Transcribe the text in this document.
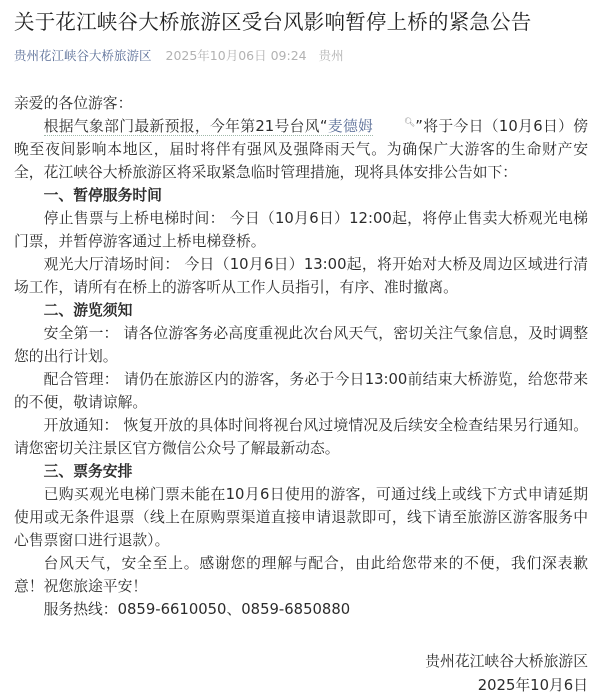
关于花江峡谷大桥旅游区受台风影响暂停上桥的紧急公告
贵州花江峡谷大桥旅游区 2025年10月06日 09:24 贵州

亲爱的各位游客：

根据气象部门最新预报，今年第21号台风“麦德姆	🔍︎”将于今日（10月6日）傍晚至夜间影响本地区，届时将伴有强风及强降雨天气。为确保广大游客的生命财产安全，花江峡谷大桥旅游区将采取紧急临时管理措施，现将具体安排公告如下：

一、暂停服务时间

停止售票与上桥电梯时间： 今日（10月6日）12:00起，将停止售卖大桥观光电梯门票，并暂停游客通过上桥电梯登桥。

观光大厅清场时间： 今日（10月6日）13:00起，将开始对大桥及周边区域进行清场工作，请所有在桥上的游客听从工作人员指引，有序、准时撤离。

二、游览须知

安全第一： 请各位游客务必高度重视此次台风天气，密切关注气象信息，及时调整您的出行计划。

配合管理： 请仍在旅游区内的游客，务必于今日13:00前结束大桥游览，给您带来的不便，敬请谅解。

开放通知： 恢复开放的具体时间将视台风过境情况及后续安全检查结果另行通知。请您密切关注景区官方微信公众号了解最新动态。

三、票务安排

已购买观光电梯门票未能在10月6日使用的游客，可通过线上或线下方式申请延期使用或无条件退票（线上在原购票渠道直接申请退款即可，线下请至旅游区游客服务中心售票窗口进行退款）。

台风天气，安全至上。感谢您的理解与配合，由此给您带来的不便，我们深表歉意！祝您旅途平安！

服务热线：0859-6610050、0859-6850880

贵州花江峡谷大桥旅游区
2025年10月6日
